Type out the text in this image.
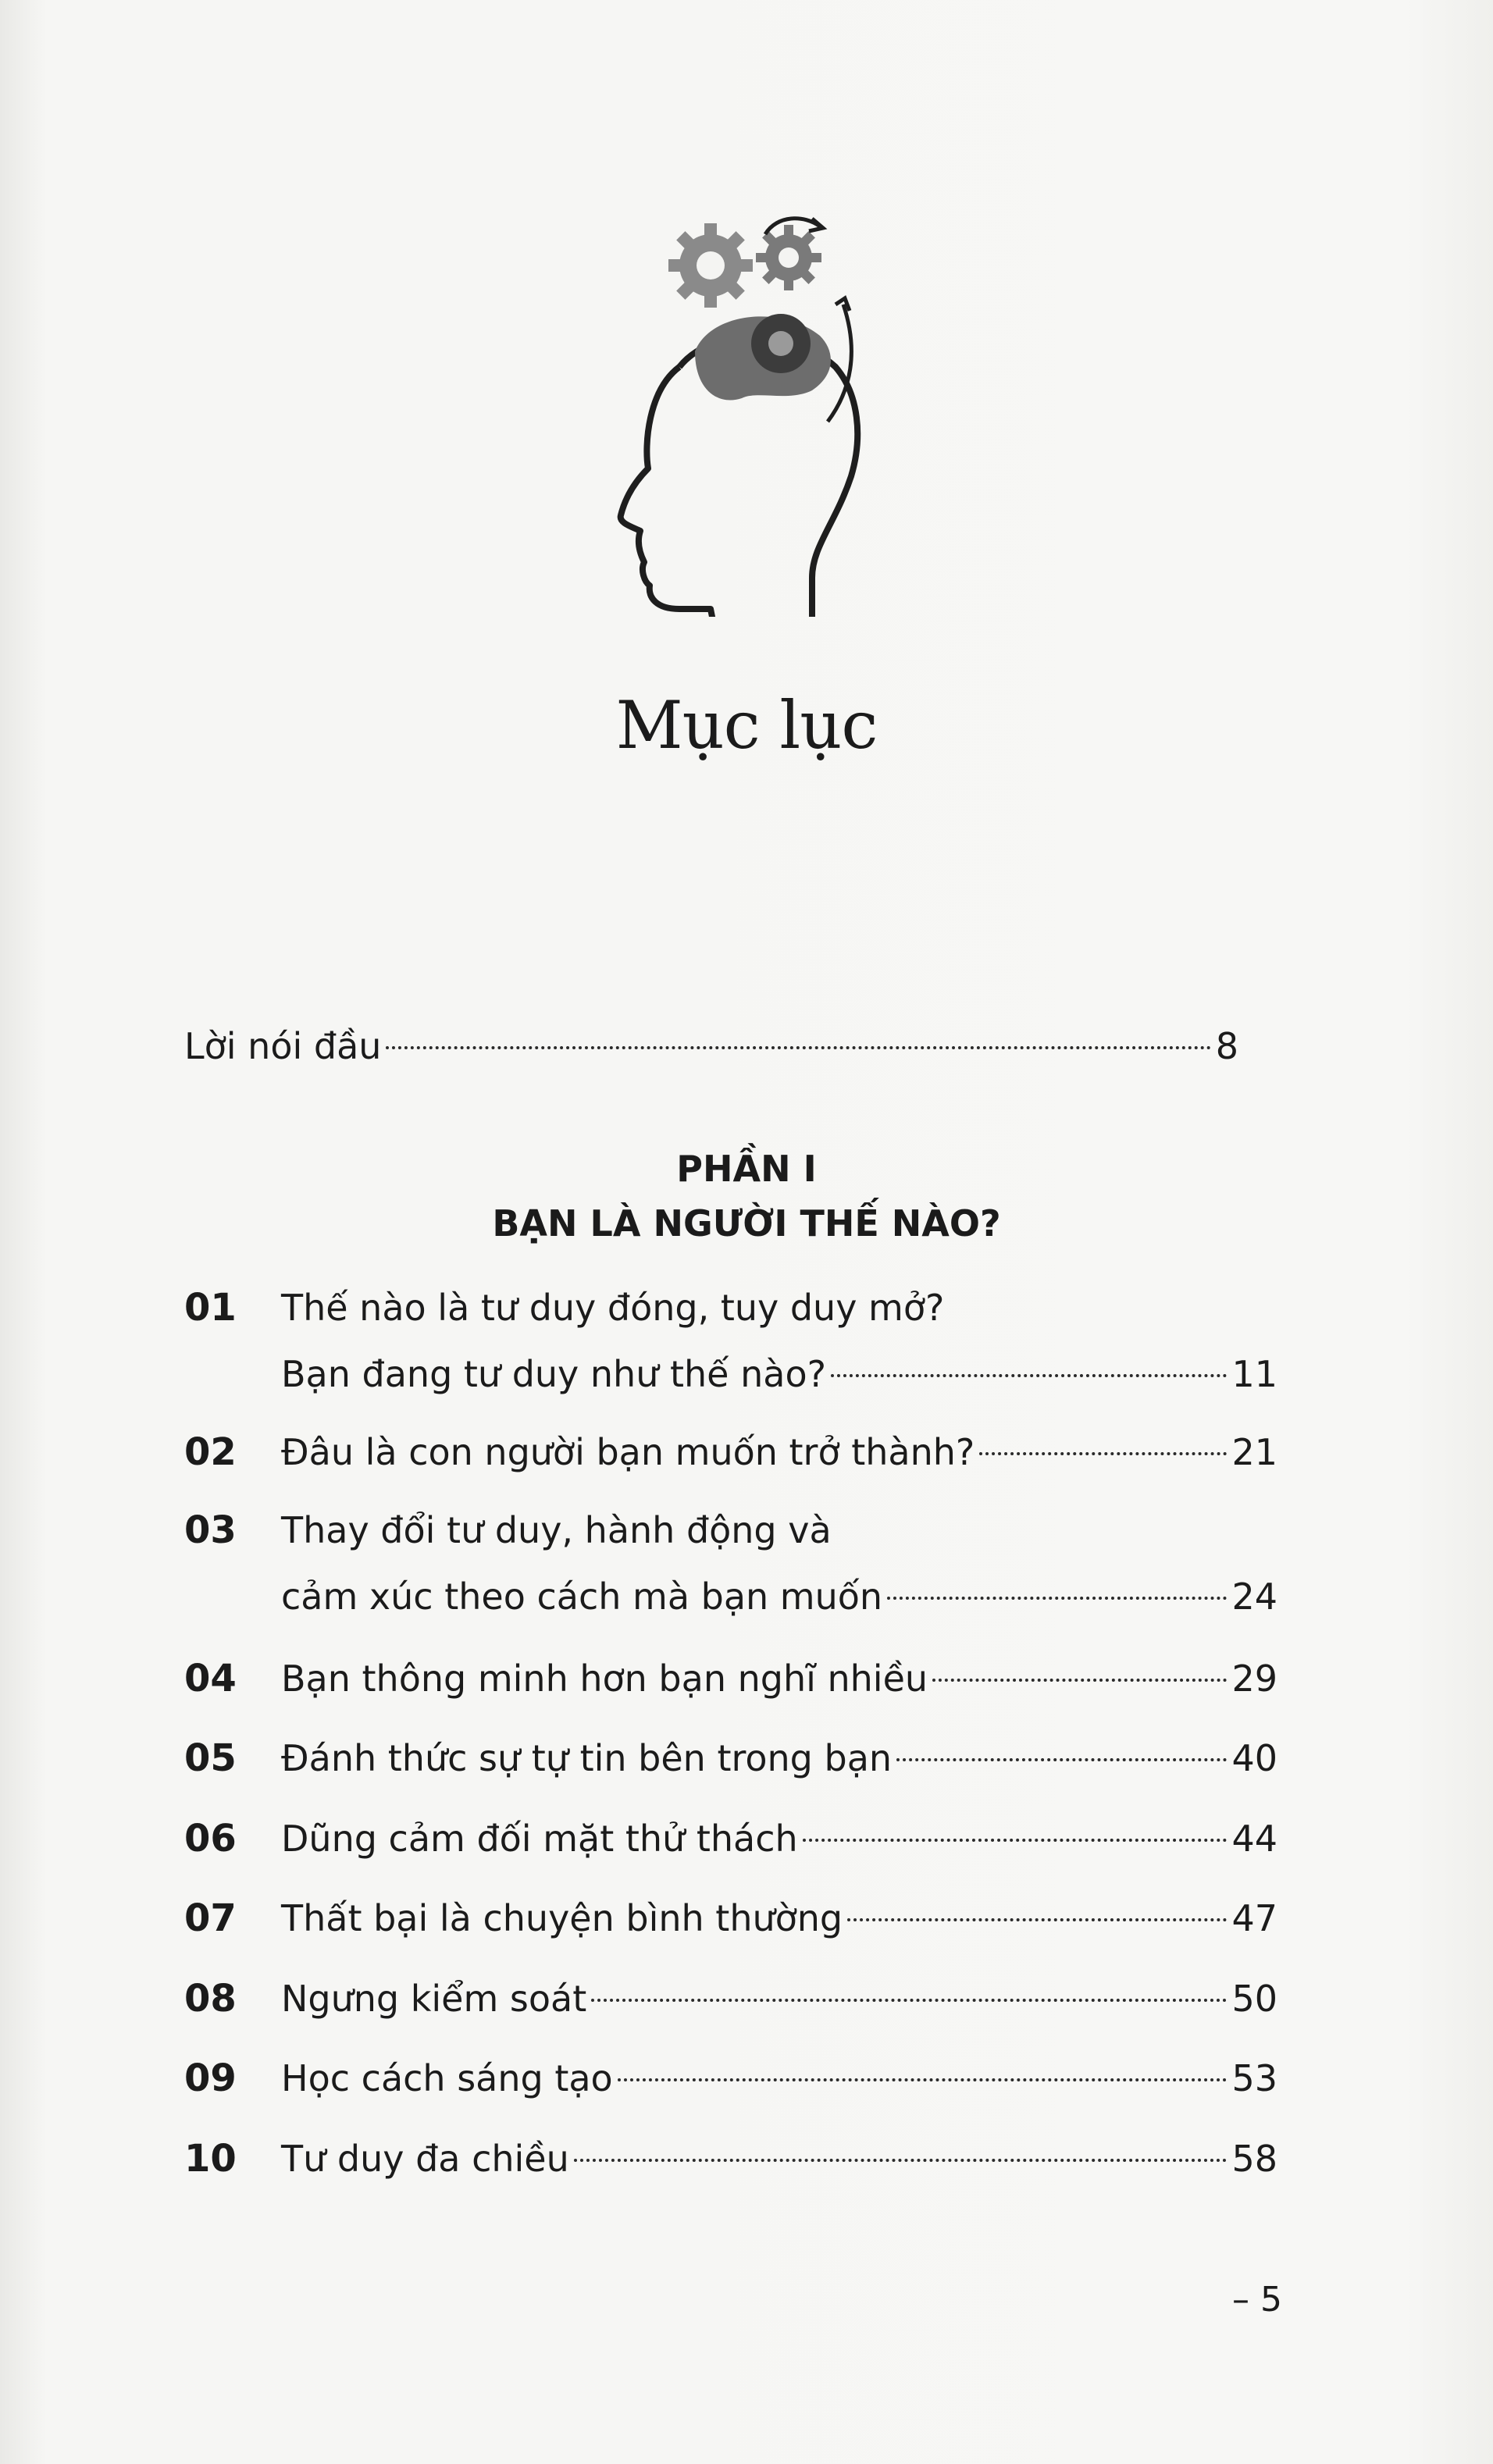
Mục lục
Lời nói đầu	8
PHẦN I
BẠN LÀ NGƯỜI THẾ NÀO?
01	Thế nào là tư duy đóng, tuy duy mở?
Bạn đang tư duy như thế nào?	11
02	Đâu là con người bạn muốn trở thành?	21
03	Thay đổi tư duy, hành động và
cảm xúc theo cách mà bạn muốn	24
04	Bạn thông minh hơn bạn nghĩ nhiều	29
05	Đánh thức sự tự tin bên trong bạn	40
06	Dũng cảm đối mặt thử thách	44
07	Thất bại là chuyện bình thường	47
08	Ngưng kiểm soát	50
09	Học cách sáng tạo	53
10	Tư duy đa chiều	58
– 5
